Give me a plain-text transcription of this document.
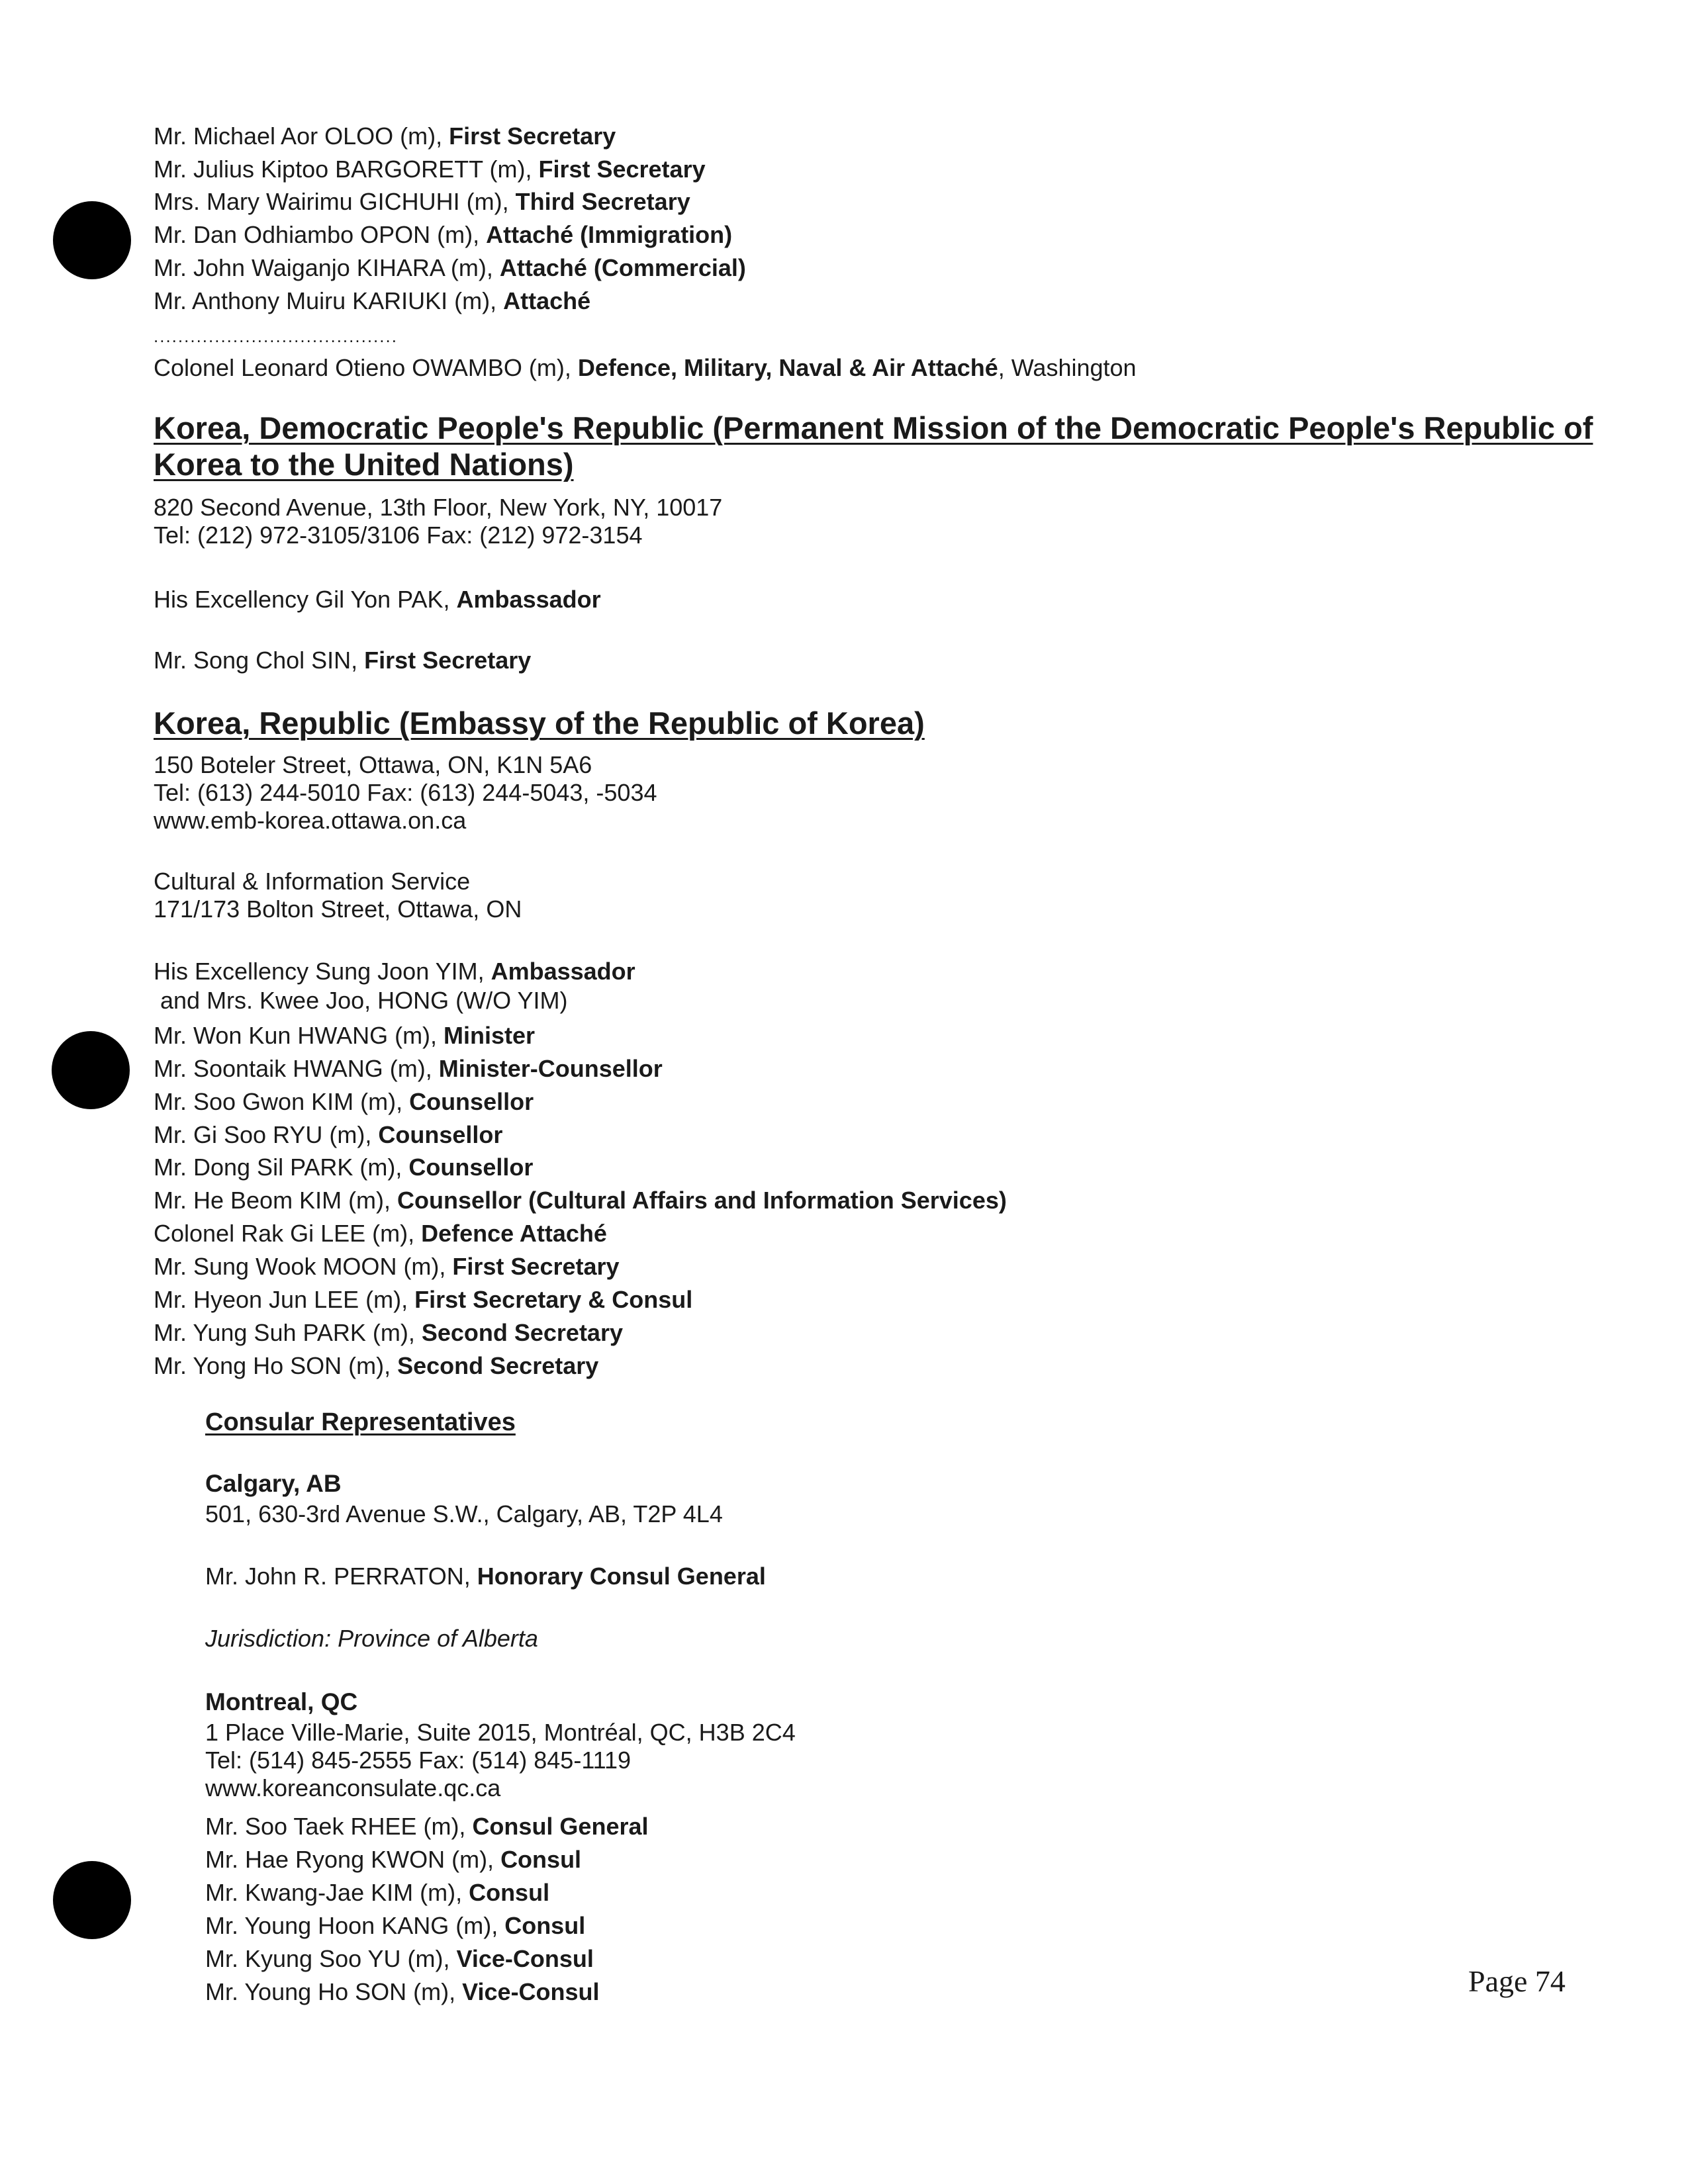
Mr. Michael Aor OLOO (m), First Secretary
Mr. Julius Kiptoo BARGORETT (m), First Secretary
Mrs. Mary Wairimu GICHUHI (m), Third Secretary
Mr. Dan Odhiambo OPON (m), Attaché (Immigration)
Mr. John Waiganjo KIHARA (m), Attaché (Commercial)
Mr. Anthony Muiru KARIUKI (m), Attaché
........................................
Colonel Leonard Otieno OWAMBO (m), Defence, Military, Naval & Air Attaché, Washington
Korea, Democratic People's Republic (Permanent Mission of the Democratic People's Republic of
Korea to the United Nations)
820 Second Avenue, 13th Floor, New York, NY, 10017
Tel: (212) 972-3105/3106 Fax: (212) 972-3154
His Excellency Gil Yon PAK, Ambassador
Mr. Song Chol SIN, First Secretary
Korea, Republic (Embassy of the Republic of Korea)
150 Boteler Street, Ottawa, ON, K1N 5A6
Tel: (613) 244-5010 Fax: (613) 244-5043, -5034
www.emb-korea.ottawa.on.ca
Cultural & Information Service
171/173 Bolton Street, Ottawa, ON
His Excellency Sung Joon YIM, Ambassador
and Mrs. Kwee Joo, HONG (W/O YIM)
Mr. Won Kun HWANG (m), Minister
Mr. Soontaik HWANG (m), Minister-Counsellor
Mr. Soo Gwon KIM (m), Counsellor
Mr. Gi Soo RYU (m), Counsellor
Mr. Dong Sil PARK (m), Counsellor
Mr. He Beom KIM (m), Counsellor (Cultural Affairs and Information Services)
Colonel Rak Gi LEE (m), Defence Attaché
Mr. Sung Wook MOON (m), First Secretary
Mr. Hyeon Jun LEE (m), First Secretary & Consul
Mr. Yung Suh PARK (m), Second Secretary
Mr. Yong Ho SON (m), Second Secretary
Consular Representatives
Calgary, AB
501, 630-3rd Avenue S.W., Calgary, AB, T2P 4L4
Mr. John R. PERRATON, Honorary Consul General
Jurisdiction: Province of Alberta
Montreal, QC
1 Place Ville-Marie, Suite 2015, Montréal, QC, H3B 2C4
Tel: (514) 845-2555 Fax: (514) 845-1119
www.koreanconsulate.qc.ca
Mr. Soo Taek RHEE (m), Consul General
Mr. Hae Ryong KWON (m), Consul
Mr. Kwang-Jae KIM (m), Consul
Mr. Young Hoon KANG (m), Consul
Mr. Kyung Soo YU (m), Vice-Consul
Mr. Young Ho SON (m), Vice-Consul	Page 74
